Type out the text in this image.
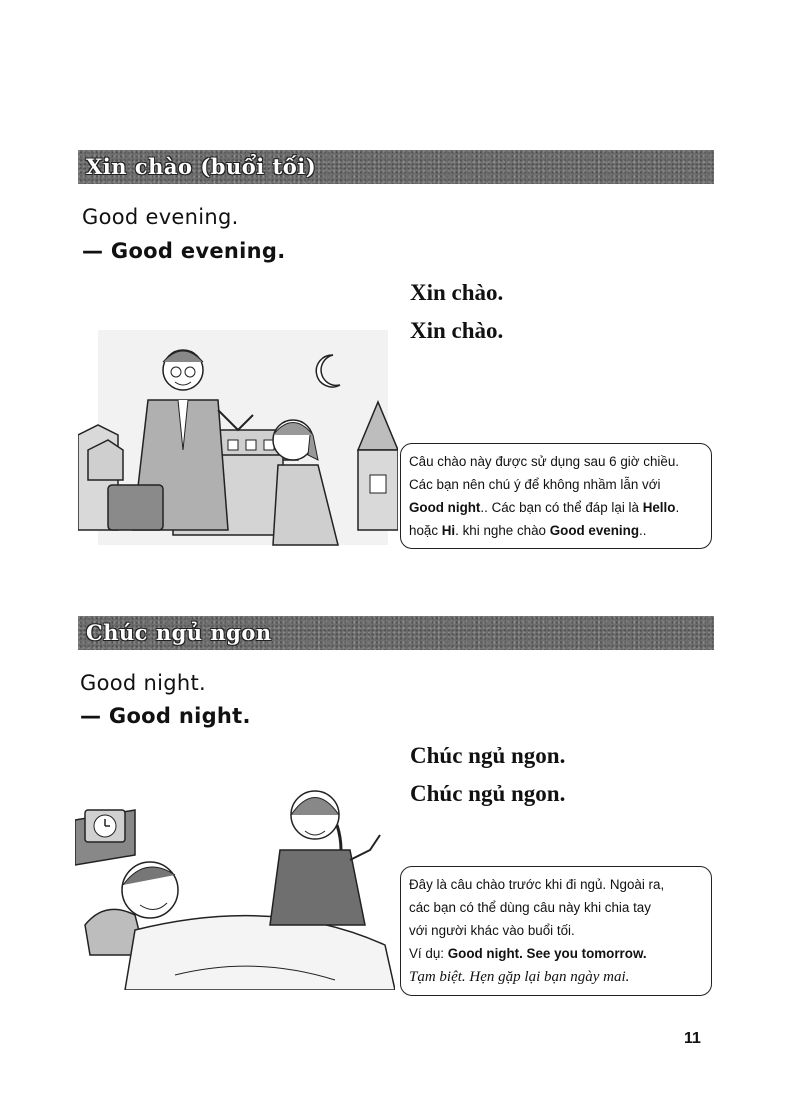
Xin chào (buổi tối)
Good evening.
— Good evening.
Xin chào.
Xin chào.
Câu chào này được sử dụng sau 6 giờ chiều.
Các bạn nên chú ý để không nhầm lẫn với
Good night.. Các bạn có thể đáp lại là Hello.
hoặc Hi. khi nghe chào Good evening..
Chúc ngủ ngon
Good night.
— Good night.
Chúc ngủ ngon.
Chúc ngủ ngon.
Đây là câu chào trước khi đi ngủ. Ngoài ra,
các bạn có thể dùng câu này khi chia tay
với người khác vào buổi tối.
Ví dụ: Good night. See you tomorrow.
Tạm biệt. Hẹn gặp lại bạn ngày mai.
11
